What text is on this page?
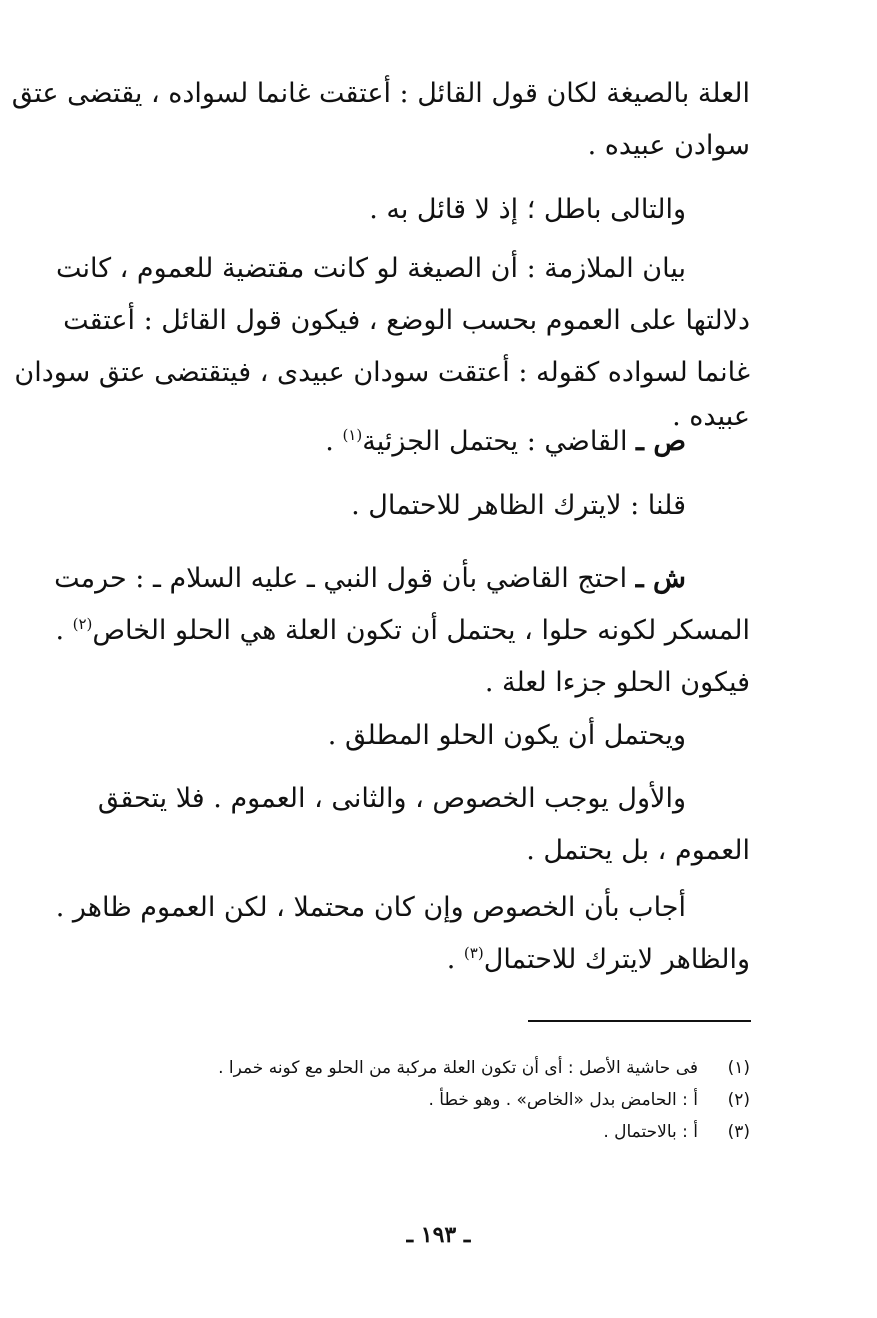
العلة بالصيغة لكان قول القائل : أعتقت غانما لسواده ، يقتضى عتق
سوادن عبيده .
والتالى باطل ؛ إذ لا قائل به .
بيان الملازمة : أن الصيغة لو كانت مقتضية للعموم ، كانت
دلالتها على العموم بحسب الوضع ، فيكون قول القائل : أعتقت
غانما لسواده كقوله : أعتقت سودان عبيدى ، فيتقتضى عتق سودان
عبيده .
ص ـ القاضي : يحتمل الجزئية$^{(١)}$ .
قلنا : لايترك الظاهر للاحتمال .
ش ـ احتج القاضي بأن قول النبي ـ عليه السلام ـ : حرمت
المسكر لكونه حلوا ، يحتمل أن تكون العلة هي الحلو الخاص$^{(٢)}$ .
فيكون الحلو جزءا لعلة .
ويحتمل أن يكون الحلو المطلق .
والأول يوجب الخصوص ، والثانى ، العموم . فلا يتحقق
العموم ، بل يحتمل .
أجاب بأن الخصوص وإن كان محتملا ، لكن العموم ظاهر .
والظاهر لايترك للاحتمال$^{(٣)}$ .
(١)فى حاشية الأصل : أى أن تكون العلة مركبة من الحلو مع كونه خمرا .
(٢)أ : الحامض بدل «الخاص» . وهو خطأ .
(٣)أ : بالاحتمال .
ـ ١٩٣ ـ
